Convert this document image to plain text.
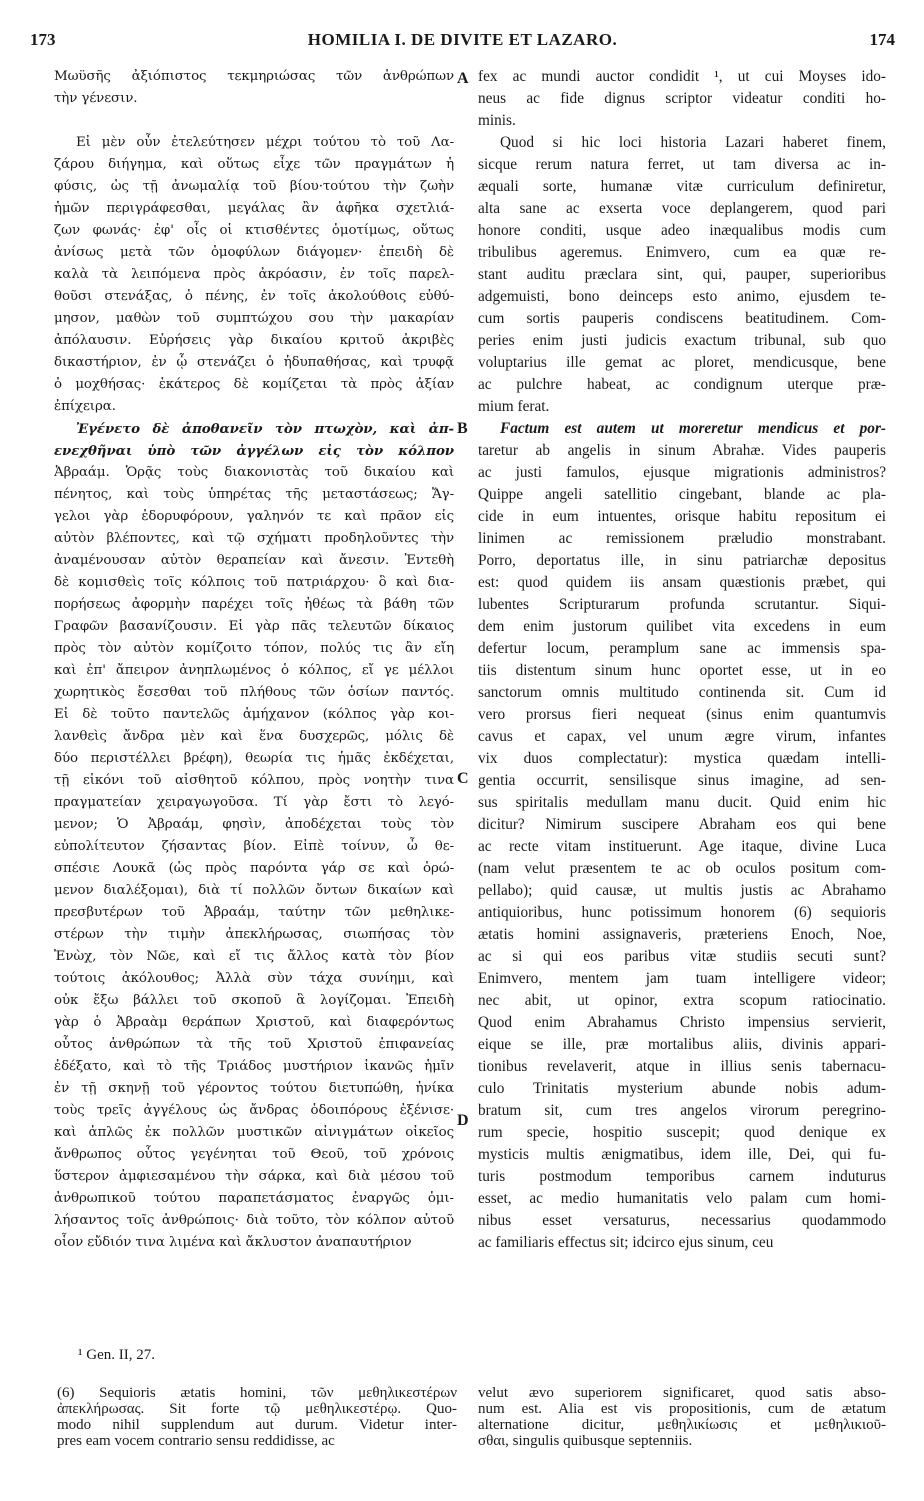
173	HOMILIA I. DE DIVITE ET LAZARO.	174
Μωϋσῆς ἀξιόπιστος τεκμηριώσας τῶν ἀνθρώπων
τὴν γένεσιν.
Εἰ μὲν οὖν ἐτελεύτησεν μέχρι τούτου τὸ τοῦ Λα-
ζάρου διήγημα, καὶ οὕτως εἶχε τῶν πραγμάτων ἡ
φύσις, ὡς τῇ ἀνωμαλίᾳ τοῦ βίου·τούτου τὴν ζωὴν
ἡμῶν περιγράφεσθαι, μεγάλας ἂν ἀφῆκα σχετλιά-
ζων φωνάς· ἐφ' οἷς οἱ κτισθέντες ὁμοτίμως, οὕτως
ἀνίσως μετὰ τῶν ὁμοφύλων διάγομεν· ἐπειδὴ δὲ
καλὰ τὰ λειπόμενα πρὸς ἀκρόασιν, ἐν τοῖς παρελ-
θοῦσι στενάξας, ὁ πένης, ἐν τοῖς ἀκολούθοις εὐθύ-
μησον, μαθὼν τοῦ συμπτώχου σου τὴν μακαρίαν
ἀπόλαυσιν. Εὑρήσεις γὰρ δικαίου κριτοῦ ἀκριβὲς
δικαστήριον, ἐν ᾧ στενάζει ὁ ἡδυπαθήσας, καὶ τρυφᾷ
ὁ μοχθήσας· ἑκάτερος δὲ κομίζεται τὰ πρὸς ἀξίαν
ἐπίχειρα.
Ἐγένετο δὲ ἀποθανεῖν τὸν πτωχὸν, καὶ ἀπ-
ενεχθῆναι ὑπὸ τῶν ἀγγέλων εἰς τὸν κόλπον
Ἀβραάμ. Ὁρᾷς τοὺς διακονιστὰς τοῦ δικαίου καὶ
πένητος, καὶ τοὺς ὑπηρέτας τῆς μεταστάσεως; Ἄγ-
γελοι γὰρ ἐδορυφόρουν, γαληνόν τε καὶ πρᾶον εἰς
αὐτὸν βλέποντες, καὶ τῷ σχήματι προδηλοῦντες τὴν
ἀναμένουσαν αὐτὸν θεραπείαν καὶ ἄνεσιν. Ἐντεθὴ
δὲ κομισθεὶς τοῖς κόλποις τοῦ πατριάρχου· ὃ καὶ δια-
πορήσεως ἀφορμὴν παρέχει τοῖς ἠθέως τὰ βάθη τῶν
Γραφῶν βασανίζουσιν. Εἰ γὰρ πᾶς τελευτῶν δίκαιος
πρὸς τὸν αὐτὸν κομίζοιτο τόπον, πολύς τις ἂν εἴη
καὶ ἐπ' ἄπειρον ἀνηπλωμένος ὁ κόλπος, εἴ γε μέλλοι
χωρητικὸς ἔσεσθαι τοῦ πλήθους τῶν ὁσίων παντός.
Εἰ δὲ τοῦτο παντελῶς ἀμήχανον (κόλπος γὰρ κοι-
λανθεὶς ἄνδρα μὲν καὶ ἕνα δυσχερῶς, μόλις δὲ
δύο περιστέλλει βρέφη), θεωρία τις ἡμᾶς ἐκδέχεται,
τῇ εἰκόνι τοῦ αἰσθητοῦ κόλπου, πρὸς νοητὴν τινα
πραγματείαν χειραγωγοῦσα. Τί γὰρ ἔστι τὸ λεγό-
μενον; Ὁ Ἀβραάμ, φησὶν, ἀποδέχεται τοὺς τὸν
εὐπολίτευτον ζήσαντας βίον. Εἰπὲ τοίνυν, ὦ θε-
σπέσιε Λουκᾶ (ὡς πρὸς παρόντα γάρ σε καὶ ὁρώ-
μενον διαλέξομαι), διὰ τί πολλῶν ὄντων δικαίων καὶ
πρεσβυτέρων τοῦ Ἀβραάμ, ταύτην τῶν μεθηλικε-
στέρων τὴν τιμὴν ἀπεκλήρωσας, σιωπήσας τὸν
Ἐνὼχ, τὸν Νῶε, καὶ εἴ τις ἄλλος κατὰ τὸν βίον
τούτοις ἀκόλουθος; Ἀλλὰ σὺν τάχα συνίημι, καὶ
οὐκ ἔξω βάλλει τοῦ σκοποῦ ἃ λογίζομαι. Ἐπειδὴ
γὰρ ὁ Ἀβραὰμ θεράπων Χριστοῦ, καὶ διαφερόντως
οὗτος ἀνθρώπων τὰ τῆς τοῦ Χριστοῦ ἐπιφανείας
ἐδέξατο, καὶ τὸ τῆς Τριάδος μυστήριον ἱκανῶς ἡμῖν
ἐν τῇ σκηνῇ τοῦ γέροντος τούτου διετυπώθη, ἡνίκα
τοὺς τρεῖς ἀγγέλους ὡς ἄνδρας ὁδοιπόρους ἐξένισε·
καὶ ἁπλῶς ἐκ πολλῶν μυστικῶν αἰνιγμάτων οἰκεῖος
ἄνθρωπος οὗτος γεγένηται τοῦ Θεοῦ, τοῦ χρόνοις
ὕστερον ἀμφιεσαμένου τὴν σάρκα, καὶ διὰ μέσου τοῦ
ἀνθρωπικοῦ τούτου παραπετάσματος ἐναργῶς ὁμι-
λήσαντος τοῖς ἀνθρώποις· διὰ τοῦτο, τὸν κόλπον αὐτοῦ
οἷον εὔδιόν τινα λιμένα καὶ ἄκλυστον ἀναπαυτήριον
fex ac mundi auctor condidit ¹, ut cui Moyses ido-
neus ac fide dignus scriptor videatur conditi ho-
minis.
Quod si hic loci historia Lazari haberet finem,
sicque rerum natura ferret, ut tam diversa ac in-
æquali sorte, humanæ vitæ curriculum definiretur,
alta sane ac exserta voce deplangerem, quod pari
honore conditi, usque adeo inæqualibus modis cum
tribulibus ageremus. Enimvero, cum ea quæ re-
stant auditu præclara sint, qui, pauper, superioribus
adgemuisti, bono deinceps esto animo, ejusdem te-
cum sortis pauperis condiscens beatitudinem. Com-
peries enim justi judicis exactum tribunal, sub quo
voluptarius ille gemat ac ploret, mendicusque, bene
ac pulchre habeat, ac condignum uterque præ-
mium ferat.
Factum est autem ut moreretur mendicus et por-
taretur ab angelis in sinum Abrahæ. Vides pauperis
ac justi famulos, ejusque migrationis administros?
Quippe angeli satellitio cingebant, blande ac pla-
cide in eum intuentes, orisque habitu repositum ei
linimen ac remissionem præludio monstrabant.
Porro, deportatus ille, in sinu patriarchæ depositus
est: quod quidem iis ansam quæstionis præbet, qui
lubentes Scripturarum profunda scrutantur. Siqui-
dem enim justorum quilibet vita excedens in eum
defertur locum, peramplum sane ac immensis spa-
tiis distentum sinum hunc oportet esse, ut in eo
sanctorum omnis multitudo continenda sit. Cum id
vero prorsus fieri nequeat (sinus enim quantumvis
cavus et capax, vel unum ægre virum, infantes
vix duos complectatur): mystica quædam intelli-
gentia occurrit, sensilisque sinus imagine, ad sen-
sus spiritalis medullam manu ducit. Quid enim hic
dicitur? Nimirum suscipere Abraham eos qui bene
ac recte vitam instituerunt. Age itaque, divine Luca
(nam velut præsentem te ac ob oculos positum com-
pellabo); quid causæ, ut multis justis ac Abrahamo
antiquioribus, hunc potissimum honorem (6) sequioris
ætatis homini assignaveris, præteriens Enoch, Noe,
ac si qui eos paribus vitæ studiis secuti sunt?
Enimvero, mentem jam tuam intelligere videor;
nec abit, ut opinor, extra scopum ratiocinatio.
Quod enim Abrahamus Christo impensius servierit,
eique se ille, præ mortalibus aliis, divinis appari-
tionibus revelaverit, atque in illius senis tabernacu-
culo Trinitatis mysterium abunde nobis adum-
bratum sit, cum tres angelos virorum peregrino-
rum specie, hospitio suscepit; quod denique ex
mysticis multis ænigmatibus, idem ille, Dei, qui fu-
turis postmodum temporibus carnem induturus
esset, ac medio humanitatis velo palam cum homi-
nibus esset versaturus, necessarius quodammodo
ac familiaris effectus sit; idcirco ejus sinum, ceu
A
B
C
D
¹ Gen. II, 27.
(6) Sequioris ætatis homini, τῶν μεθηλικεστέρων
ἀπεκλήρωσας. Sit forte τῷ μεθηλικεστέρῳ. Quo-
modo nihil supplendum aut durum. Videtur inter-
pres eam vocem contrario sensu reddidisse, ac
velut ævo superiorem significaret, quod satis abso-
num est. Alia est vis propositionis, cum de ætatum
alternatione dicitur, μεθηλικίωσις et μεθηλικιοῦ-
σθαι, singulis quibusque septenniis.
